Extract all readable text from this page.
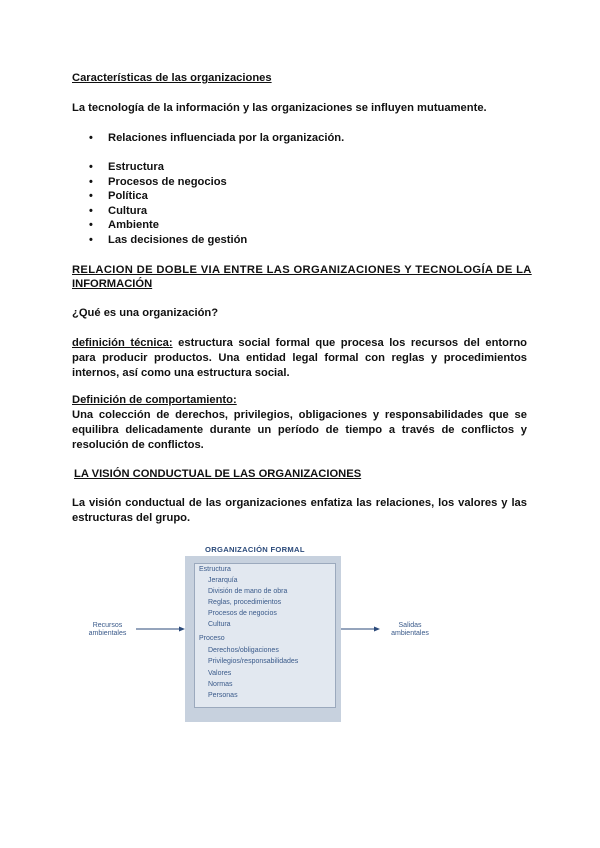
Características de las organizaciones
La tecnología de la información y las organizaciones se influyen mutuamente.
• Relaciones influenciada por la organización.
• Estructura
• Procesos de negocios
• Política
• Cultura
• Ambiente
• Las decisiones de gestión
RELACION DE DOBLE VIA ENTRE LAS ORGANIZACIONES Y TECNOLOGÍA DE LA
INFORMACIÓN
¿Qué es una organización?
definición técnica: estructura social formal que procesa los recursos del entorno para producir productos. Una entidad legal formal con reglas y procedimientos internos, así como una estructura social.
Definición de comportamiento:
Una colección de derechos, privilegios, obligaciones y responsabilidades que se equilibra delicadamente durante un período de tiempo a través de conflictos y resolución de conflictos.
LA VISIÓN CONDUCTUAL DE LAS ORGANIZACIONES
La visión conductual de las organizaciones enfatiza las relaciones, los valores y las estructuras del grupo.
ORGANIZACIÓN FORMAL
Estructura
Jerarquía
División de mano de obra
Reglas, procedimientos
Procesos de negocios
Cultura
Proceso
Derechos/obligaciones
Privilegios/responsabilidades
Valores
Normas
Personas
Recursos
ambientales
Salidas
ambientales
